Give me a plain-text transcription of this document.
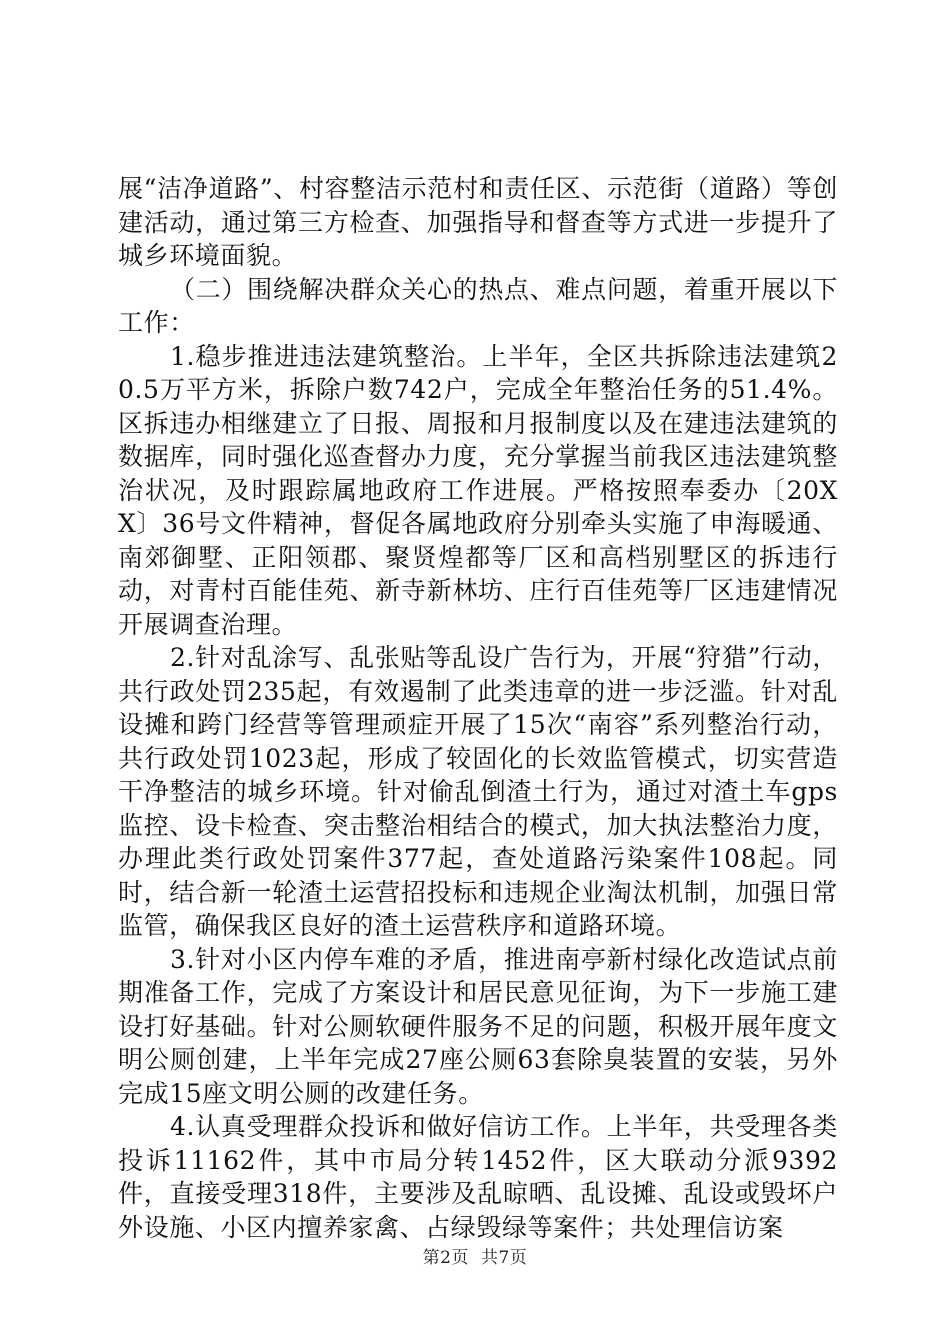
展“洁净道路”、村容整洁示范村和责任区、示范街（道路）等创建活动，通过第三方检查、加强指导和督查等方式进一步提升了城乡环境面貌。

（二）围绕解决群众关心的热点、难点问题，着重开展以下工作：

1.稳步推进违法建筑整治。上半年，全区共拆除违法建筑20.5万平方米，拆除户数742户，完成全年整治任务的51.4%。区拆违办相继建立了日报、周报和月报制度以及在建违法建筑的数据库，同时强化巡查督办力度，充分掌握当前我区违法建筑整治状况，及时跟踪属地政府工作进展。严格按照奉委办〔20XX〕36号文件精神，督促各属地政府分别牵头实施了申海暖通、南郊御墅、正阳领郡、聚贤煌都等厂区和高档别墅区的拆违行动，对青村百能佳苑、新寺新林坊、庄行百佳苑等厂区违建情况开展调查治理。

2.针对乱涂写、乱张贴等乱设广告行为，开展“狩猎”行动，共行政处罚235起，有效遏制了此类违章的进一步泛滥。针对乱设摊和跨门经营等管理顽症开展了15次“南容”系列整治行动，共行政处罚1023起，形成了较固化的长效监管模式，切实营造干净整洁的城乡环境。针对偷乱倒渣土行为，通过对渣土车gps监控、设卡检查、突击整治相结合的模式，加大执法整治力度，办理此类行政处罚案件377起，查处道路污染案件108起。同时，结合新一轮渣土运营招投标和违规企业淘汰机制，加强日常监管，确保我区良好的渣土运营秩序和道路环境。

3.针对小区内停车难的矛盾，推进南亭新村绿化改造试点前期准备工作，完成了方案设计和居民意见征询，为下一步施工建设打好基础。针对公厕软硬件服务不足的问题，积极开展年度文明公厕创建，上半年完成27座公厕63套除臭装置的安装，另外完成15座文明公厕的改建任务。

4.认真受理群众投诉和做好信访工作。上半年，共受理各类投诉11162件，其中市局分转1452件，区大联动分派9392件，直接受理318件，主要涉及乱晾晒、乱设摊、乱设或毁坏户外设施、小区内擅养家禽、占绿毁绿等案件；共处理信访案

第2页 共7页
